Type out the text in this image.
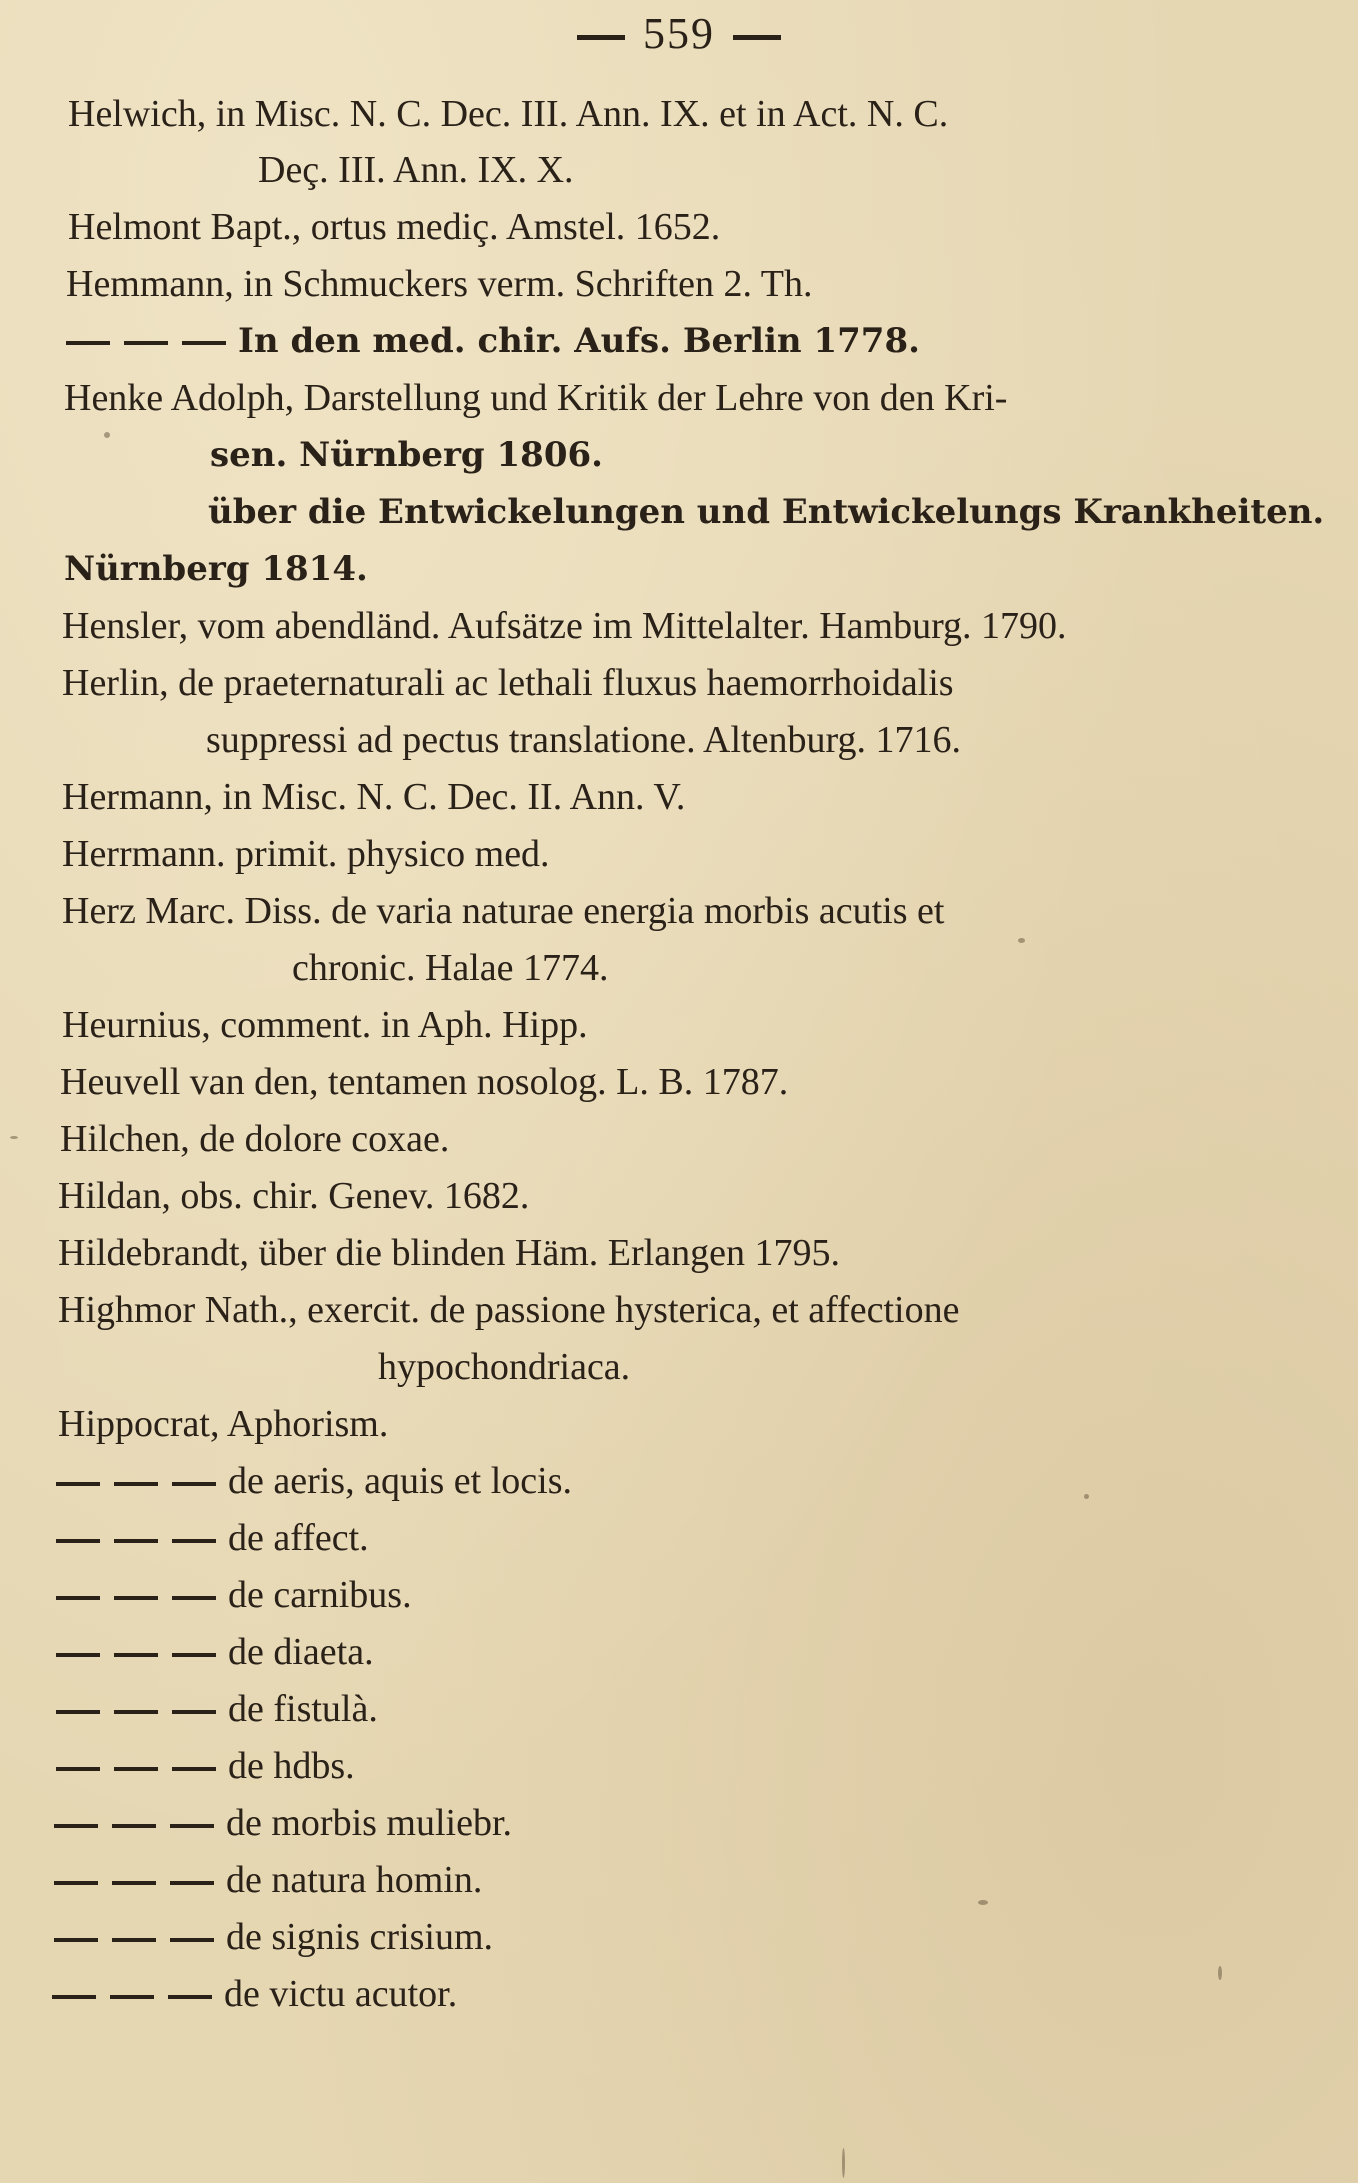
559
Helwich, in Misc. N. C. Dec. III. Ann. IX. et in Act. N. C.
Deç. III. Ann. IX. X.
Helmont Bapt., ortus mediç. Amstel. 1652.
Hemmann, in Schmuckers verm. Schriften 2. Th.
In den med. chir. Aufs. Berlin 1778.
Henke Adolph, Darstellung und Kritik der Lehre von den Kri-
sen. Nürnberg 1806.
über die Entwickelungen und Entwickelungs Krankheiten.
Nürnberg 1814.
Hensler, vom abendländ. Aufsätze im Mittelalter. Hamburg. 1790.
Herlin, de praeternaturali ac lethali fluxus haemorrhoidalis
suppressi ad pectus translatione. Altenburg. 1716.
Hermann, in Misc. N. C. Dec. II. Ann. V.
Herrmann. primit. physico med.
Herz Marc. Diss. de varia naturae energia morbis acutis et
chronic. Halae 1774.
Heurnius, comment. in Aph. Hipp.
Heuvell van den, tentamen nosolog. L. B. 1787.
Hilchen, de dolore coxae.
Hildan, obs. chir. Genev. 1682.
Hildebrandt, über die blinden Häm. Erlangen 1795.
Highmor Nath., exercit. de passione hysterica, et affectione
hypochondriaca.
Hippocrat, Aphorism.
de aeris, aquis et locis.
de affect.
de carnibus.
de diaeta.
de fistulà.
de hdbs.
de morbis muliebr.
de natura homin.
de signis crisium.
de victu acutor.
